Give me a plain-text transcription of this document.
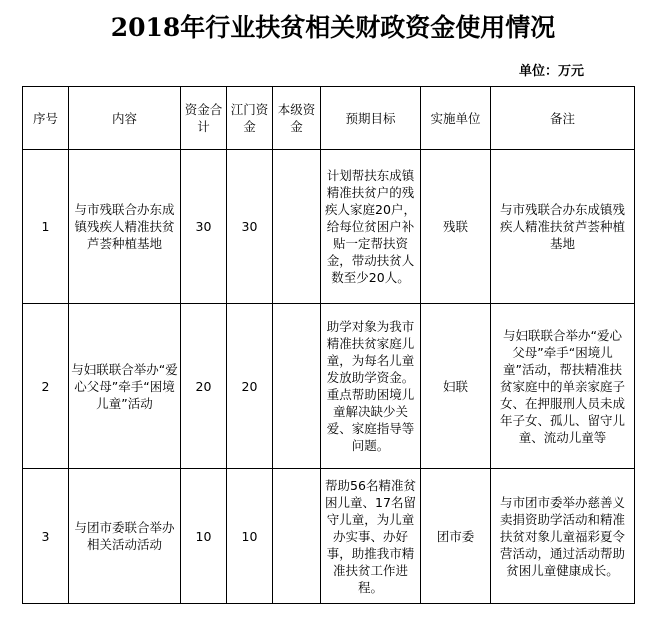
2018年行业扶贫相关财政资金使用情况
单位：万元
序号	内容	资金合计	江门资金	本级资金	预期目标	实施单位	备注
1	与市残联合办东成镇残疾人精准扶贫芦荟种植基地	30	30		计划帮扶东成镇精准扶贫户的残疾人家庭20户，给每位贫困户补贴一定帮扶资金，带动扶贫人数至少20人。	残联	与市残联合办东成镇残疾人精准扶贫芦荟种植基地
2	与妇联联合举办“爱心父母”牵手“困境儿童”活动	20	20		助学对象为我市精准扶贫家庭儿童，为每名儿童发放助学资金。重点帮助困境儿童解决缺少关爱、家庭指导等问题。	妇联	与妇联联合举办“爱心父母”牵手“困境儿童”活动，帮扶精准扶贫家庭中的单亲家庭子女、在押服刑人员未成年子女、孤儿、留守儿童、流动儿童等
3	与团市委联合举办相关活动活动	10	10		帮助56名精准贫困儿童、17名留守儿童，为儿童办实事、办好事，助推我市精准扶贫工作进程。	团市委	与市团市委举办慈善义卖捐资助学活动和精准扶贫对象儿童福彩夏令营活动，通过活动帮助贫困儿童健康成长。
